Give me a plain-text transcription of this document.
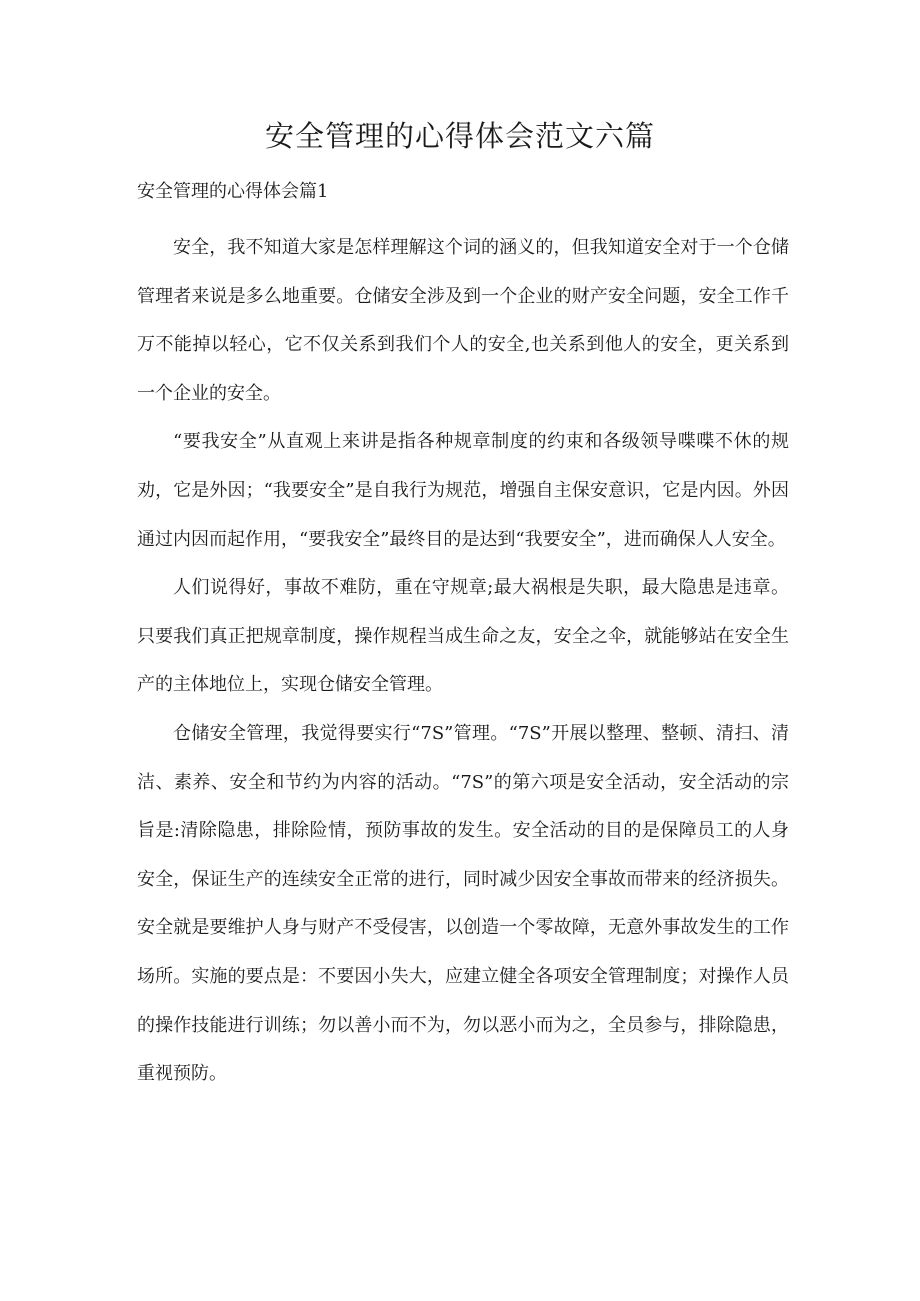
安全管理的心得体会范文六篇
安全管理的心得体会篇1

安全，我不知道大家是怎样理解这个词的涵义的，但我知道安全对于一个仓储管理者来说是多么地重要。仓储安全涉及到一个企业的财产安全问题，安全工作千万不能掉以轻心，它不仅关系到我们个人的安全,也关系到他人的安全，更关系到一个企业的安全。

“要我安全”从直观上来讲是指各种规章制度的约束和各级领导喋喋不休的规劝，它是外因；“我要安全”是自我行为规范，增强自主保安意识，它是内因。外因通过内因而起作用，“要我安全”最终目的是达到“我要安全”，进而确保人人安全。

人们说得好，事故不难防，重在守规章;最大祸根是失职，最大隐患是违章。只要我们真正把规章制度，操作规程当成生命之友，安全之伞，就能够站在安全生产的主体地位上，实现仓储安全管理。

仓储安全管理，我觉得要实行“7S”管理。“7S”开展以整理、整顿、清扫、清洁、素养、安全和节约为内容的活动。“7S”的第六项是安全活动，安全活动的宗旨是:清除隐患，排除险情，预防事故的发生。安全活动的目的是保障员工的人身安全，保证生产的连续安全正常的进行，同时减少因安全事故而带来的经济损失。安全就是要维护人身与财产不受侵害，以创造一个零故障，无意外事故发生的工作场所。实施的要点是：不要因小失大，应建立健全各项安全管理制度；对操作人员的操作技能进行训练；勿以善小而不为，勿以恶小而为之，全员参与，排除隐患，重视预防。
